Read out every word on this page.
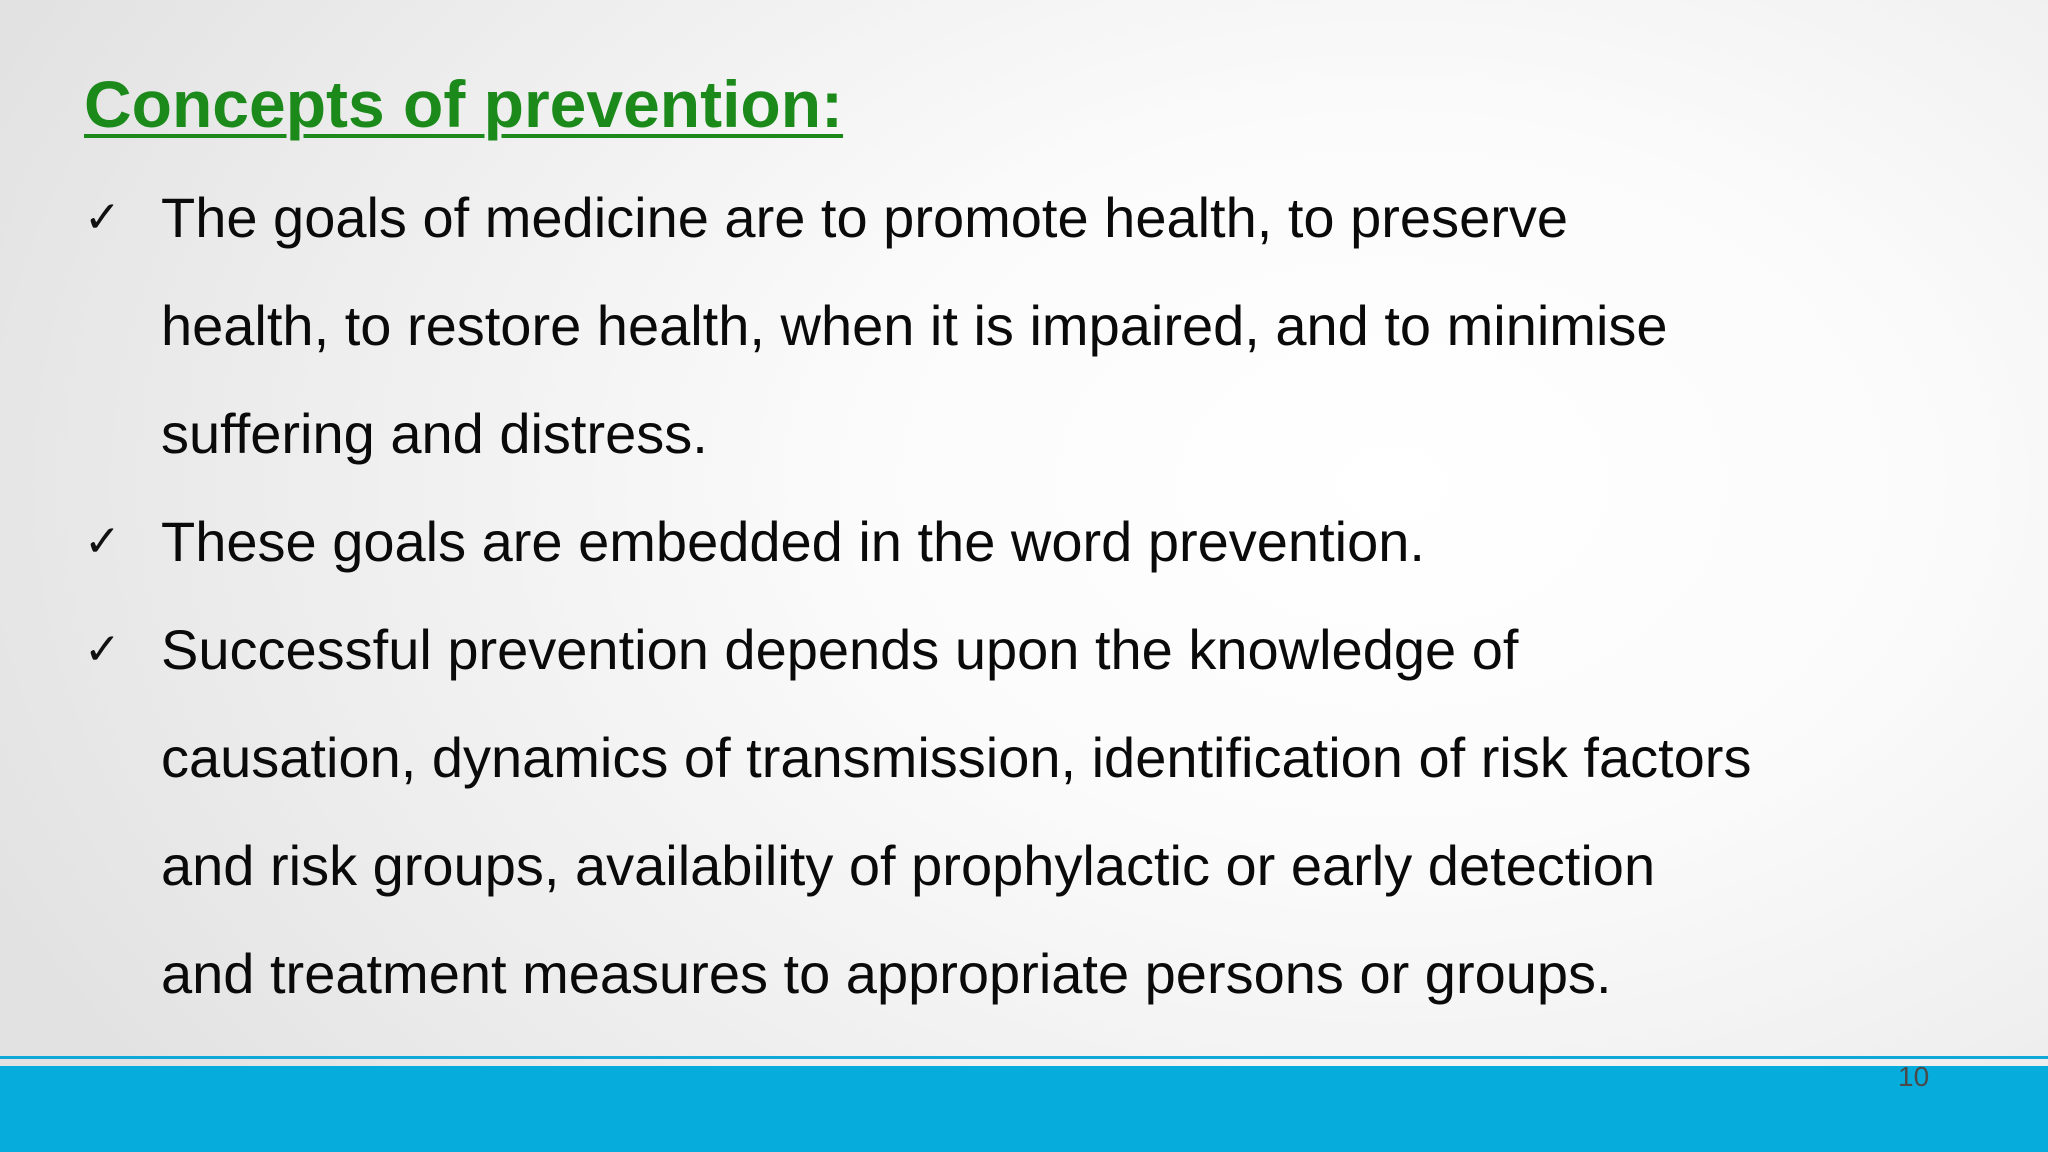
Concepts of prevention:
✓ The goals of medicine are to promote health, to preserve
health, to restore health, when it is impaired, and to minimise
suffering and distress.
✓ These goals are embedded in the word prevention.
✓ Successful prevention depends upon the knowledge of
causation, dynamics of transmission, identification of risk factors
and risk groups, availability of prophylactic or early detection
and treatment measures to appropriate persons or groups.
10
